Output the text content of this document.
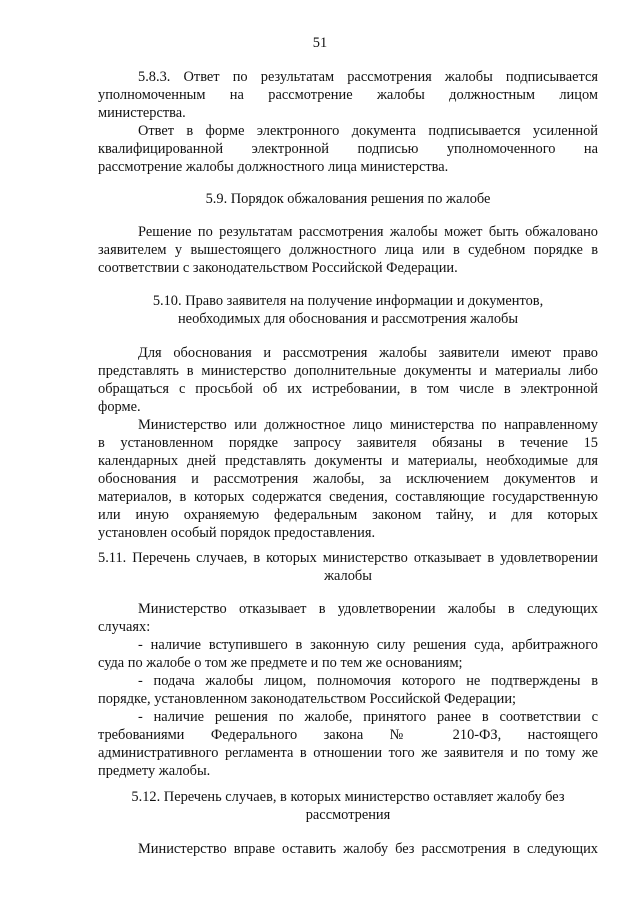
51
5.8.3. Ответ по результатам рассмотрения жалобы подписывается
уполномоченным на рассмотрение жалобы должностным лицом
министерства.
Ответ в форме электронного документа подписывается усиленной
квалифицированной электронной подписью уполномоченного на
рассмотрение жалобы должностного лица министерства.
5.9. Порядок обжалования решения по жалобе
Решение по результатам рассмотрения жалобы может быть обжаловано
заявителем у вышестоящего должностного лица или в судебном порядке в
соответствии с законодательством Российской Федерации.
5.10. Право заявителя на получение информации и документов,
необходимых для обоснования и рассмотрения жалобы
Для обоснования и рассмотрения жалобы заявители имеют право
представлять в министерство дополнительные документы и материалы либо
обращаться с просьбой об их истребовании, в том числе в электронной
форме.
Министерство или должностное лицо министерства по направленному
в установленном порядке запросу заявителя обязаны в течение 15
календарных дней представлять документы и материалы, необходимые для
обоснования и рассмотрения жалобы, за исключением документов и
материалов, в которых содержатся сведения, составляющие государственную
или иную охраняемую федеральным законом тайну, и для которых
установлен особый порядок предоставления.
5.11. Перечень случаев, в которых министерство отказывает в удовлетворении
жалобы
Министерство отказывает в удовлетворении жалобы в следующих
случаях:
- наличие вступившего в законную силу решения суда, арбитражного
суда по жалобе о том же предмете и по тем же основаниям;
- подача жалобы лицом, полномочия которого не подтверждены в
порядке, установленном законодательством Российской Федерации;
- наличие решения по жалобе, принятого ранее в соответствии с
требованиями Федерального закона № 210-ФЗ, настоящего
административного регламента в отношении того же заявителя и по тому же
предмету жалобы.
5.12. Перечень случаев, в которых министерство оставляет жалобу без
рассмотрения
Министерство вправе оставить жалобу без рассмотрения в следующих
